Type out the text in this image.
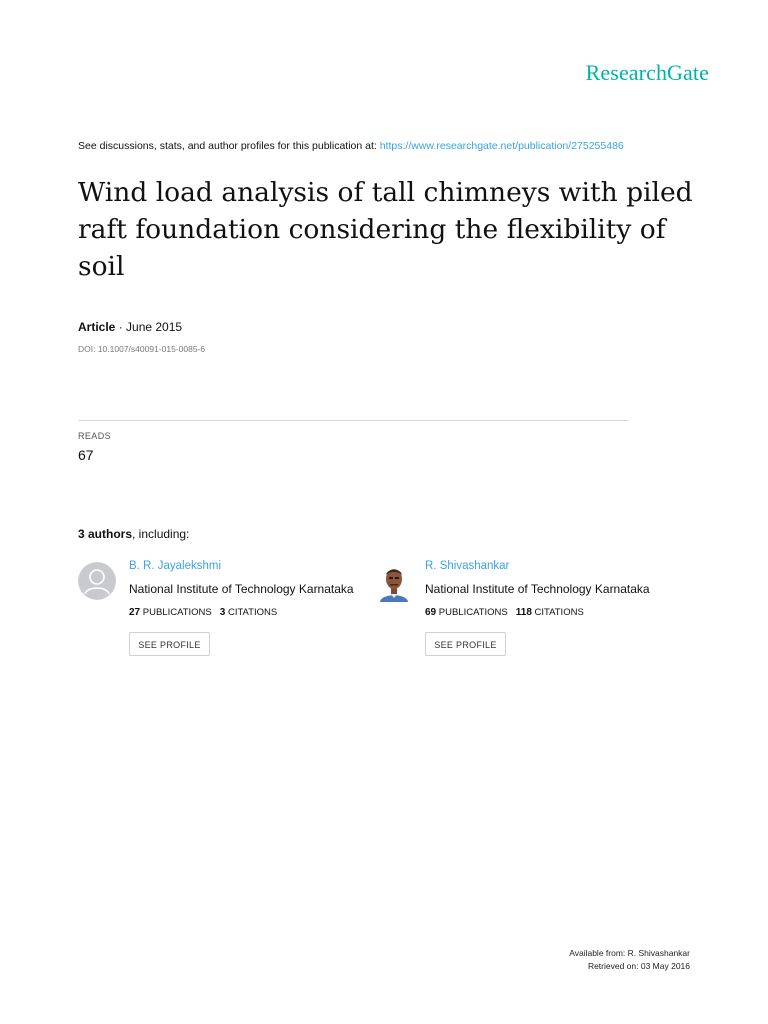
ResearchGate
See discussions, stats, and author profiles for this publication at: https://www.researchgate.net/publication/275255486
Wind load analysis of tall chimneys with piled raft foundation considering the flexibility of soil
Article · June 2015
DOI: 10.1007/s40091-015-0085-6
READS
67
3 authors, including:
B. R. Jayalekshmi
National Institute of Technology Karnataka
27 PUBLICATIONS 3 CITATIONS
SEE PROFILE
R. Shivashankar
National Institute of Technology Karnataka
69 PUBLICATIONS 118 CITATIONS
SEE PROFILE
Available from: R. Shivashankar
Retrieved on: 03 May 2016
